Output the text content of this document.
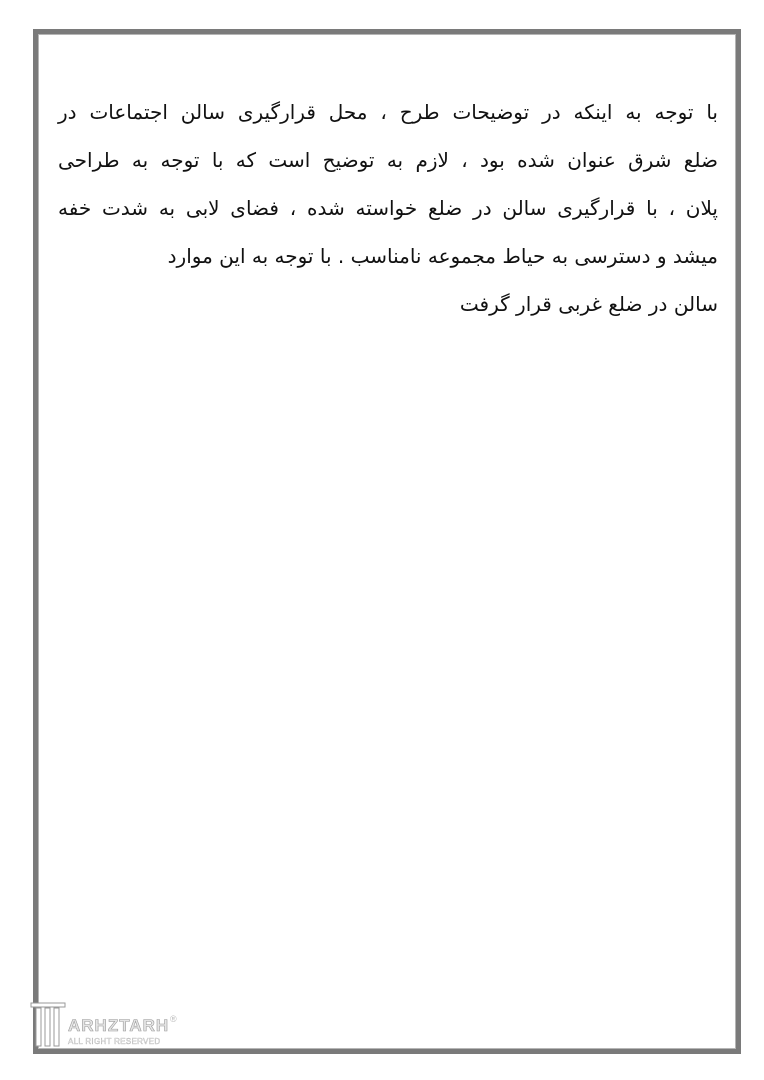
با توجه به اینکه در توضیحات طرح ، محل قرارگیری سالن اجتماعات در
ضلع شرق عنوان شده بود ، لازم به توضیح است که با توجه به طراحی
پلان ، با قرارگیری سالن در ضلع خواسته شده ، فضای لابی به شدت خفه
میشد و دسترسی به حیاط مجموعه نامناسب . با توجه به این موارد
سالن در ضلع غربی قرار گرفت
ARHZTARH
ALL RIGHT RESERVED
®
